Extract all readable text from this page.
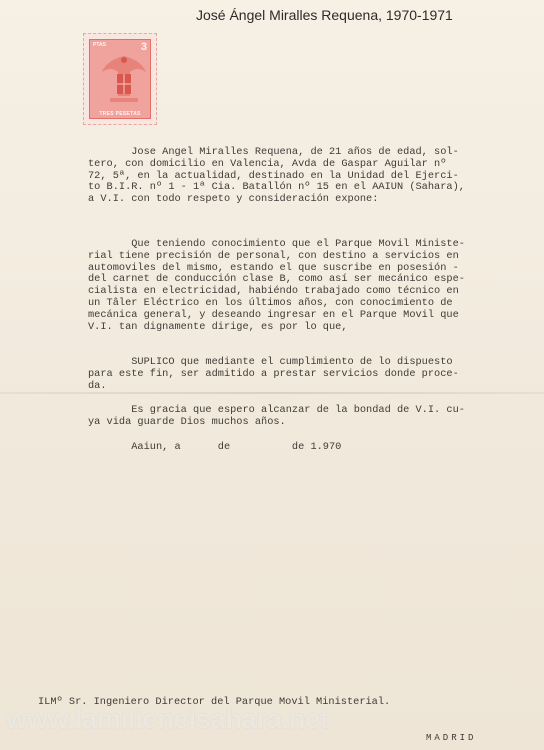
José Ángel Miralles Requena, 1970-1971
PTAS	3
TRES PESETAS
Jose Angel Miralles Requena, de 21 años de edad, sol-
tero, con domicilio en Valencia, Avda de Gaspar Aguilar nº
72, 5ª, en la actualidad, destinado en la Unidad del Ejerci-
to B.I.R. nº 1 - 1ª Cia. Batallón nº 15 en el AAIUN (Sahara),
a V.I. con todo respeto y consideración expone:
Que teniendo conocimiento que el Parque Movil Ministe-
rial tiene precisión de personal, con destino a servicios en
automoviles del mismo, estando el que suscribe en posesión -
del carnet de conducción clase B, como así ser mecánico espe-
cialista en electricidad, habiéndo trabajado como técnico en
un Tâler Eléctrico en los últimos años, con conocimiento de
mecánica general, y deseando ingresar en el Parque Movil que
V.I. tan dignamente dirige, es por lo que,
SUPLICO que mediante el cumplimiento de lo dispuesto
para este fin, ser admitido a prestar servicios donde proce-
da.
Es gracia que espero alcanzar de la bondad de V.I. cu-
ya vida guarde Dios muchos años.
Aaiun, a      de          de 1.970
ILMº Sr. Ingeniero Director del Parque Movil Ministerial.
www.lamilienelsahara.net
MADRID
